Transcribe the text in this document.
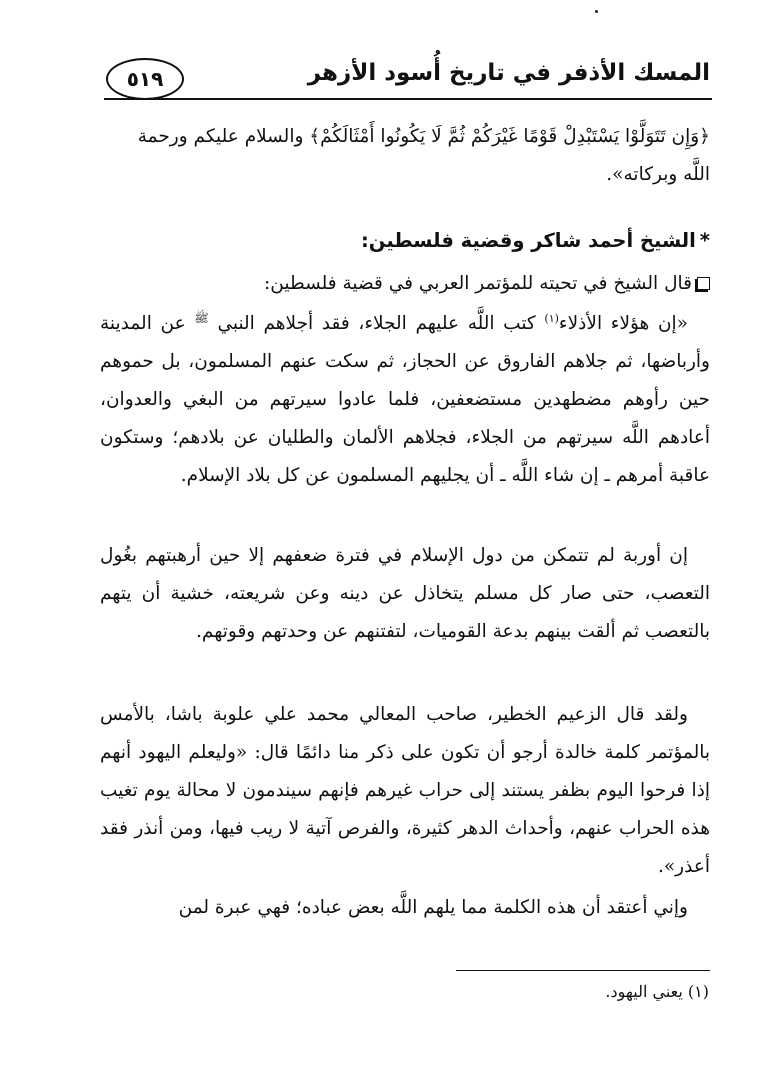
٥١٩	المسك الأذفر في تاريخ أُسود الأزهر

﴿وَإِن تَتَوَلَّوْا يَسْتَبْدِلْ قَوْمًا غَيْرَكُمْ ثُمَّ لَا يَكُونُوا أَمْثَالَكُمْ﴾ والسلام عليكم ورحمة

اللَّه وبركاته».

*الشيخ أحمد شاكر وقضية فلسطين:
قال الشيخ في تحيته للمؤتمر العربي في قضية فلسطين:
«إن هؤلاء الأذلاء$^{(١)}$ كتب اللَّه عليهم الجلاء، فقد أجلاهم النبي $^ﷺ$ عن المدينة وأرباضها، ثم جلاهم الفاروق عن الحجاز، ثم سكت عنهم المسلمون، بل حموهم حين رأوهم مضطهدين مستضعفين، فلما عادوا سيرتهم من البغي والعدوان، أعادهم اللَّه سيرتهم من الجلاء، فجلاهم الألمان والطليان عن بلادهم؛ وستكون عاقبة أمرهم ـ إن شاء اللَّه ـ أن يجليهم المسلمون عن كل بلاد الإسلام.
إن أوربة لم تتمكن من دول الإسلام في فترة ضعفهم إلا حين أرهبتهم بغُول التعصب، حتى صار كل مسلم يتخاذل عن دينه وعن شريعته، خشية أن يتهم بالتعصب ثم ألقت بينهم بدعة القوميات، لتفتنهم عن وحدتهم وقوتهم.
ولقد قال الزعيم الخطير، صاحب المعالي محمد علي علوبة باشا، بالأمس بالمؤتمر كلمة خالدة أرجو أن تكون على ذكر منا دائمًا قال: «وليعلم اليهود أنهم إذا فرحوا اليوم بظفر يستند إلى حراب غيرهم فإنهم سيندمون لا محالة يوم تغيب هذه الحراب عنهم، وأحداث الدهر كثيرة، والفرص آتية لا ريب فيها، ومن أنذر فقد أعذر».
وإني أعتقد أن هذه الكلمة مما يلهم اللَّه بعض عباده؛ فهي عبرة لمن
(١) يعني اليهود.
